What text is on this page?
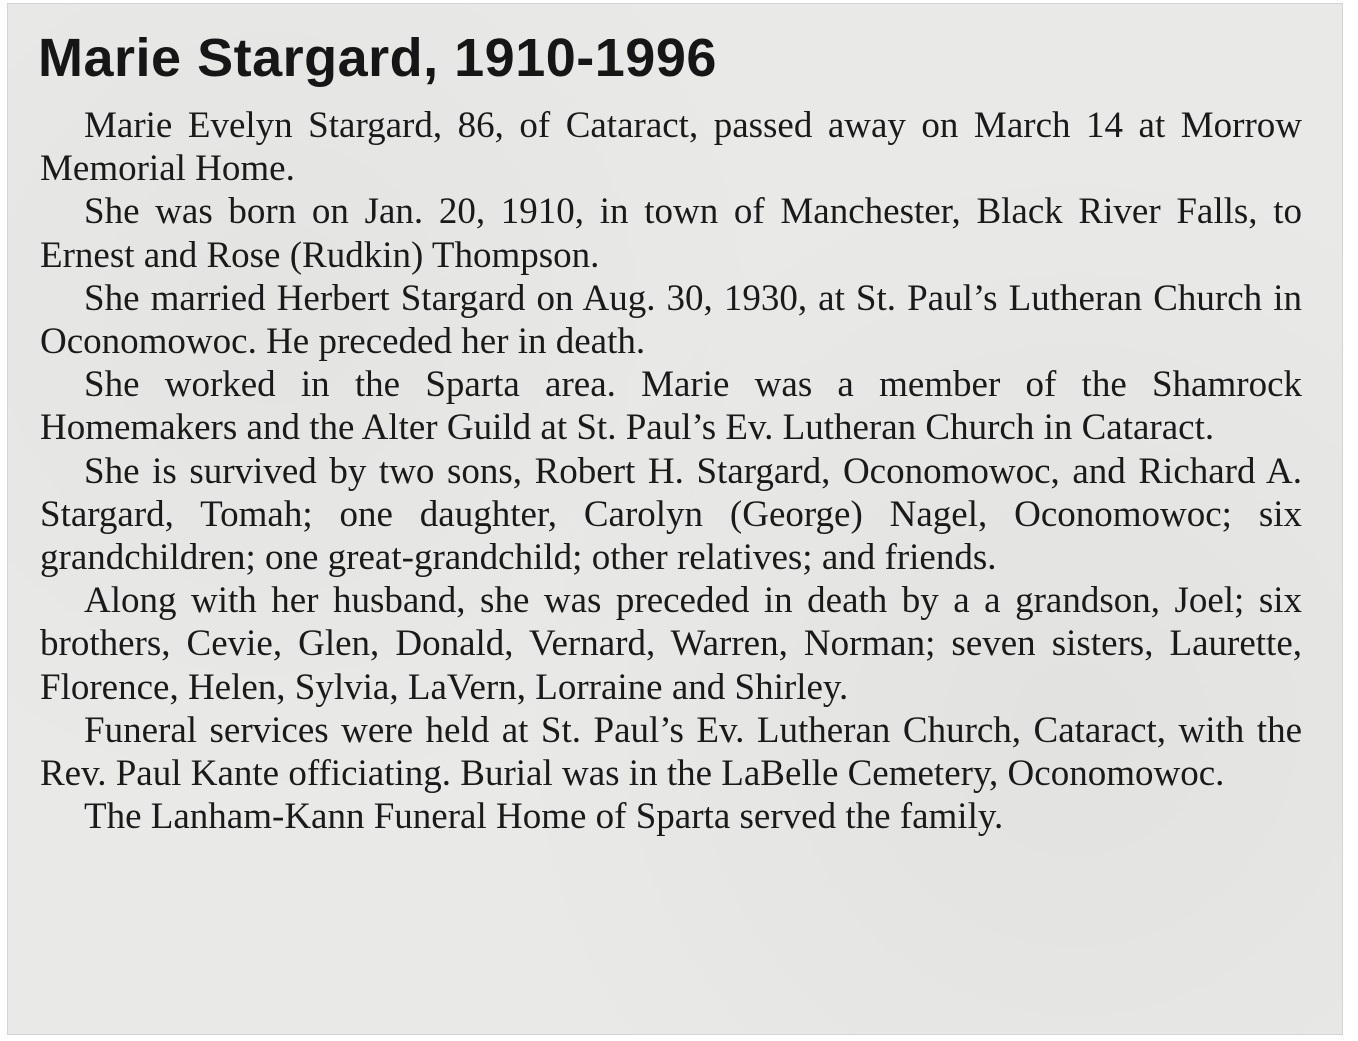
Marie Stargard, 1910-1996

Marie Evelyn Stargard, 86, of Cataract, passed away on March 14 at Morrow Memorial Home.

She was born on Jan. 20, 1910, in town of Manchester, Black River Falls, to Ernest and Rose (Rudkin) Thompson.

She married Herbert Stargard on Aug. 30, 1930, at St. Paul’s Lutheran Church in Oconomowoc. He preceded her in death.

She worked in the Sparta area. Marie was a member of the Shamrock Homemakers and the Alter Guild at St. Paul’s Ev. Lutheran Church in Cataract.

She is survived by two sons, Robert H. Stargard, Oconomowoc, and Richard A. Stargard, Tomah; one daughter, Carolyn (George) Nagel, Oconomowoc; six grandchildren; one great-grandchild; other relatives; and friends.

Along with her husband, she was preceded in death by a a grandson, Joel; six brothers, Cevie, Glen, Donald, Vernard, Warren, Norman; seven sisters, Laurette, Florence, Helen, Sylvia, LaVern, Lorraine and Shirley.

Funeral services were held at St. Paul’s Ev. Lutheran Church, Cataract, with the Rev. Paul Kante officiating. Burial was in the LaBelle Cemetery, Oconomowoc.

The Lanham-Kann Funeral Home of Sparta served the family.
